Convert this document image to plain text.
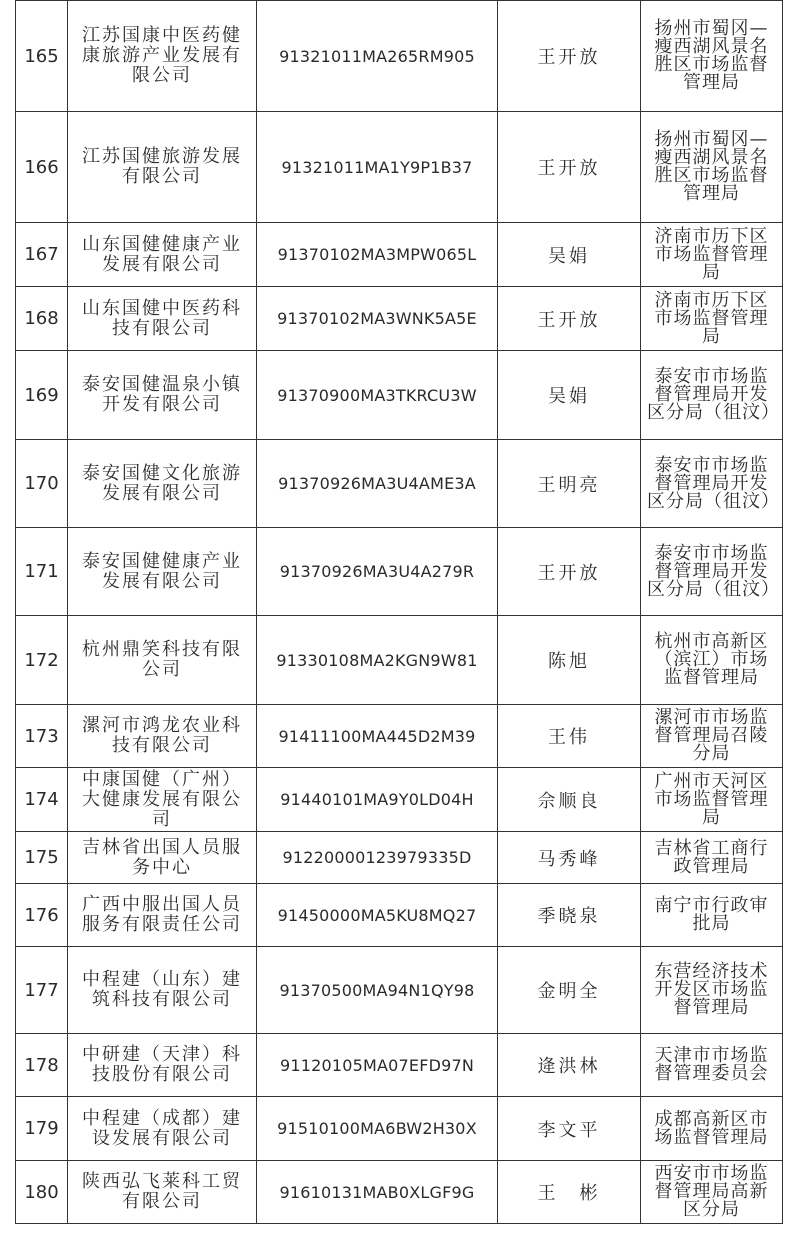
165	江苏国康中医药健康旅游产业发展有限公司	91321011MA265RM905	王开放	扬州市蜀冈—瘦西湖风景名胜区市场监督管理局

166	江苏国健旅游发展有限公司	91321011MA1Y9P1B37	王开放	扬州市蜀冈—瘦西湖风景名胜区市场监督管理局

167	山东国健健康产业发展有限公司	91370102MA3MPW065L	吴娟	济南市历下区市场监督管理局

168	山东国健中医药科技有限公司	91370102MA3WNK5A5E	王开放	济南市历下区市场监督管理局

169	泰安国健温泉小镇开发有限公司	91370900MA3TKRCU3W	吴娟	泰安市市场监督管理局开发区分局（徂汶）

170	泰安国健文化旅游发展有限公司	91370926MA3U4AME3A	王明亮	泰安市市场监督管理局开发区分局（徂汶）

171	泰安国健健康产业发展有限公司	91370926MA3U4A279R	王开放	泰安市市场监督管理局开发区分局（徂汶）

172	杭州鼎笑科技有限公司	91330108MA2KGN9W81	陈旭	杭州市高新区（滨江）市场监督管理局

173	漯河市鸿龙农业科技有限公司	91411100MA445D2M39	王伟	漯河市市场监督管理局召陵分局

174	中康国健（广州）大健康发展有限公司	91440101MA9Y0LD04H	佘顺良	广州市天河区市场监督管理局

175	吉林省出国人员服务中心	91220000123979335D	马秀峰	吉林省工商行政管理局

176	广西中服出国人员服务有限责任公司	91450000MA5KU8MQ27	季晓泉	南宁市行政审批局

177	中程建（山东）建筑科技有限公司	91370500MA94N1QY98	金明全	东营经济技术开发区市场监督管理局

178	中研建（天津）科技股份有限公司	91120105MA07EFD97N	逄洪林	天津市市场监督管理委员会

179	中程建（成都）建设发展有限公司	91510100MA6BW2H30X	李文平	成都高新区市场监督管理局

180	陕西弘飞莱科工贸有限公司	91610131MAB0XLGF9G	王　彬	西安市市场监督管理局高新区分局
